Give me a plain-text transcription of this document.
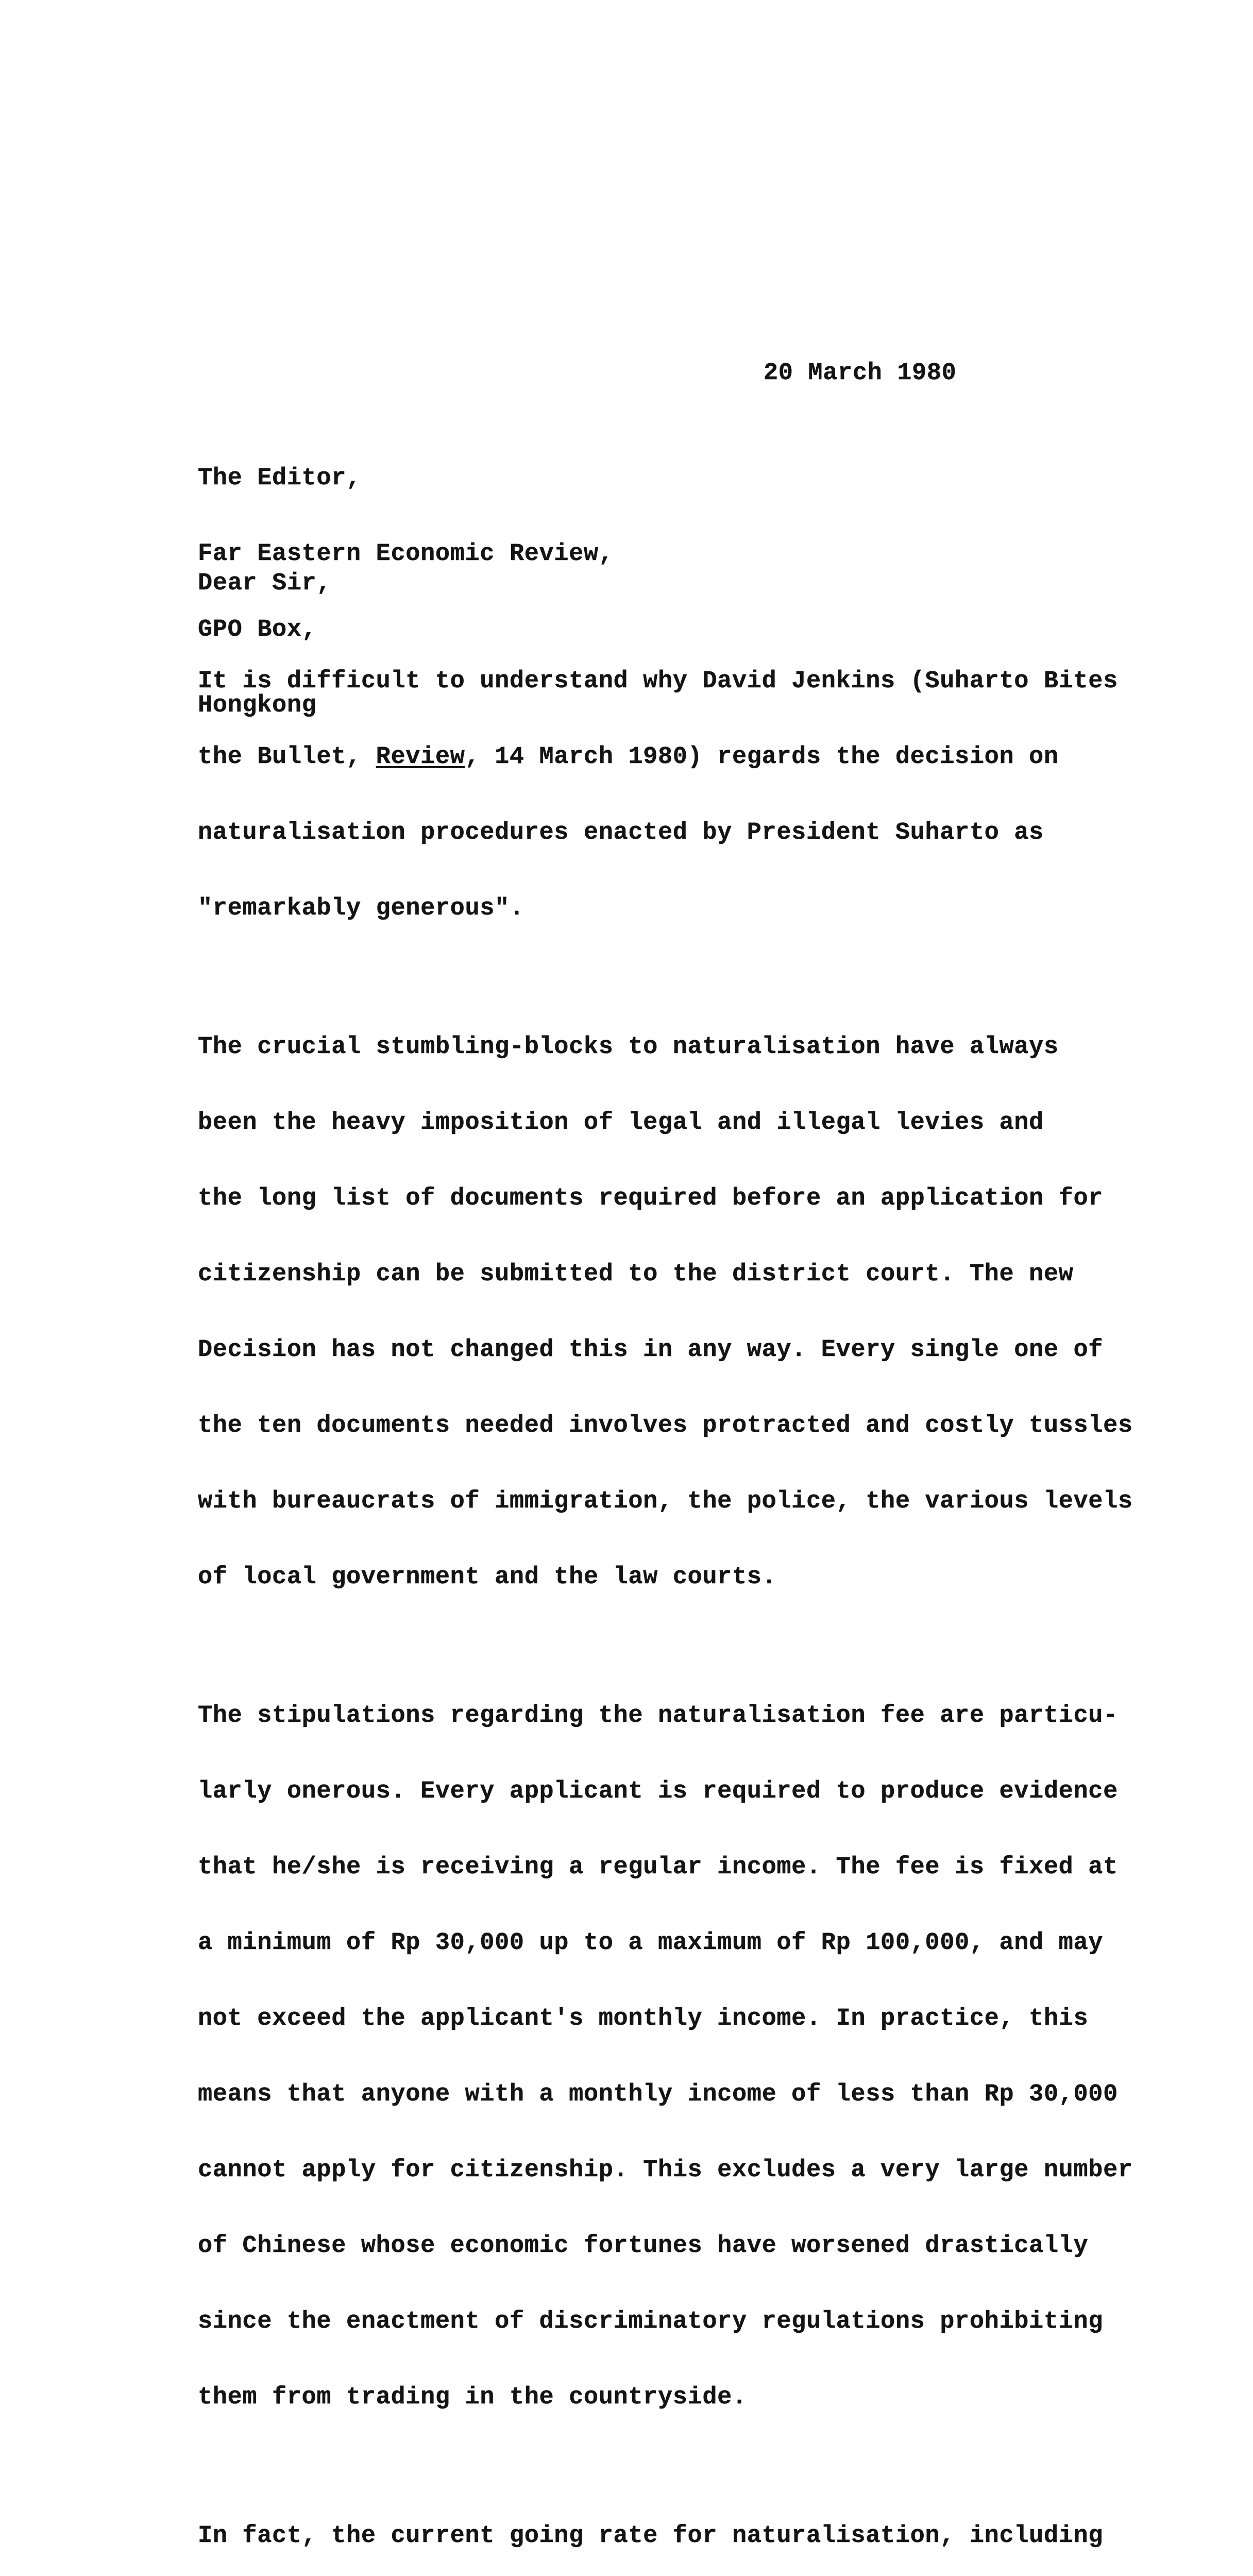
20 March 1980

The Editor,

Far Eastern Economic Review,

GPO Box,

Hongkong

Dear Sir,

It is difficult to understand why David Jenkins (Suharto Bites

the Bullet, Review, 14 March 1980) regards the decision on

naturalisation procedures enacted by President Suharto as

"remarkably generous".

The crucial stumbling-blocks to naturalisation have always

been the heavy imposition of legal and illegal levies and

the long list of documents required before an application for

citizenship can be submitted to the district court. The new

Decision has not changed this in any way. Every single one of

the ten documents needed involves protracted and costly tussles

with bureaucrats of immigration, the police, the various levels

of local government and the law courts.

The stipulations regarding the naturalisation fee are particu-

larly onerous. Every applicant is required to produce evidence

that he/she is receiving a regular income. The fee is fixed at

a minimum of Rp 30,000 up to a maximum of Rp 100,000, and may

not exceed the applicant's monthly income. In practice, this

means that anyone with a monthly income of less than Rp 30,000

cannot apply for citizenship. This excludes a very large number

of Chinese whose economic fortunes have worsened drastically

since the enactment of discriminatory regulations prohibiting

them from trading in the countryside.

In fact, the current going rate for naturalisation, including
